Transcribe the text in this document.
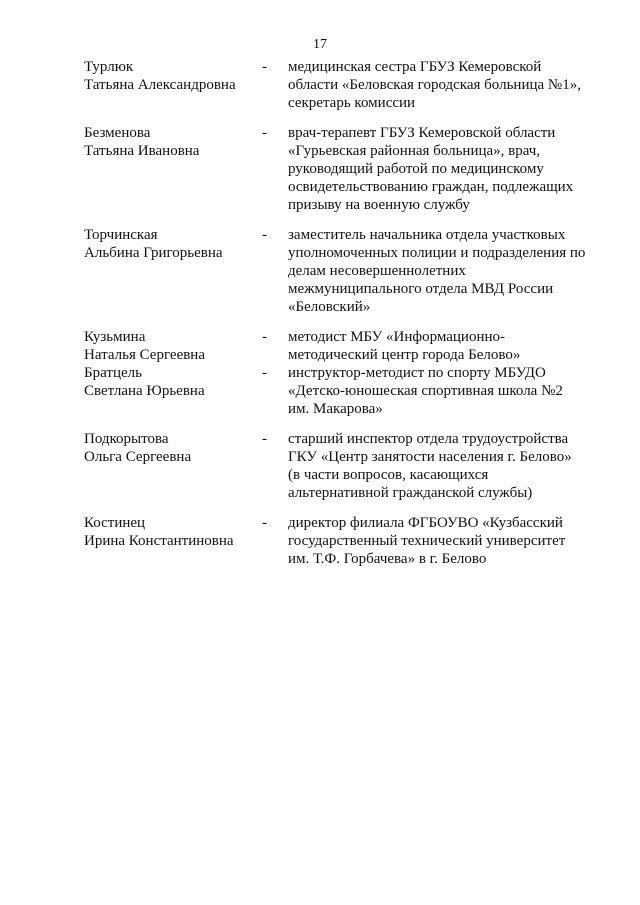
17
Турлюк
Татьяна Александровна
-	медицинская сестра ГБУЗ Кемеровской
области «Беловская городская больница №1»,
секретарь комиссии
Безменова
Татьяна Ивановна
-	врач-терапевт ГБУЗ Кемеровской области
«Гурьевская районная больница», врач,
руководящий работой по медицинскому
освидетельствованию граждан, подлежащих
призыву на военную службу
Торчинская
Альбина Григорьевна
-	заместитель начальника отдела участковых
уполномоченных полиции и подразделения по
делам несовершеннолетних
межмуниципального отдела МВД России
«Беловский»
Кузьмина
Наталья Сергеевна
-	методист МБУ «Информационно-
методический центр города Белово»
Братцель
Светлана Юрьевна
-	инструктор-методист по спорту МБУДО
«Детско-юношеская спортивная школа №2
им. Макарова»
Подкорытова
Ольга Сергеевна
-	старший инспектор отдела трудоустройства
ГКУ «Центр занятости населения г. Белово»
(в части вопросов, касающихся
альтернативной гражданской службы)
Костинец
Ирина Константиновна
-	директор филиала ФГБОУВО «Кузбасский
государственный технический университет
им. Т.Ф. Горбачева» в г. Белово
